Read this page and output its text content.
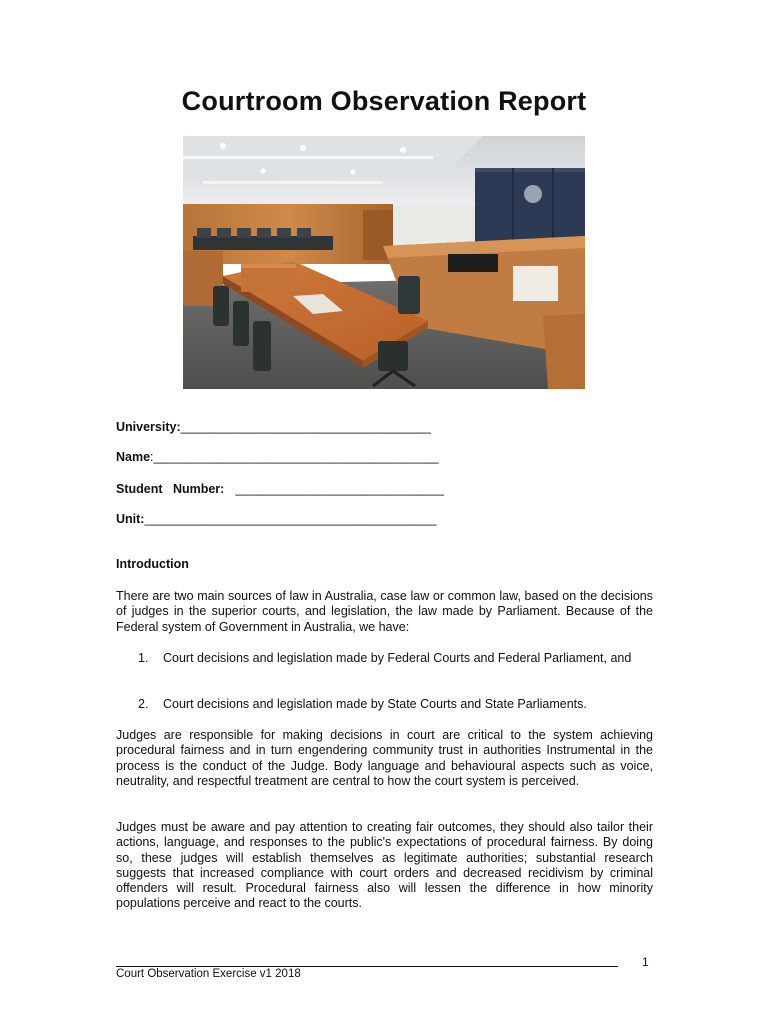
Courtroom Observation Report

University:____________________________________

Name:_________________________________________

Student   Number: ______________________________

Unit:__________________________________________

Introduction

There are two main sources of law in Australia, case law or common law, based on the decisions of judges in the superior courts, and legislation, the law made by Parliament. Because of the Federal system of Government in Australia, we have:

1.	Court decisions and legislation made by Federal Courts and Federal Parliament, and
2.	Court decisions and legislation made by State Courts and State Parliaments.

Judges are responsible for making decisions in court are critical to the system achieving procedural fairness and in turn engendering community trust in authorities Instrumental in the process is the conduct of the Judge. Body language and behavioural aspects such as voice, neutrality, and respectful treatment are central to how the court system is perceived.

Judges must be aware and pay attention to creating fair outcomes, they should also tailor their actions, language, and responses to the public's expectations of procedural fairness. By doing so, these judges will establish themselves as legitimate authorities; substantial research suggests that increased compliance with court orders and decreased recidivism by criminal offenders will result. Procedural fairness also will lessen the difference in how minority populations perceive and react to the courts.

Court Observation Exercise v1 2018

1
